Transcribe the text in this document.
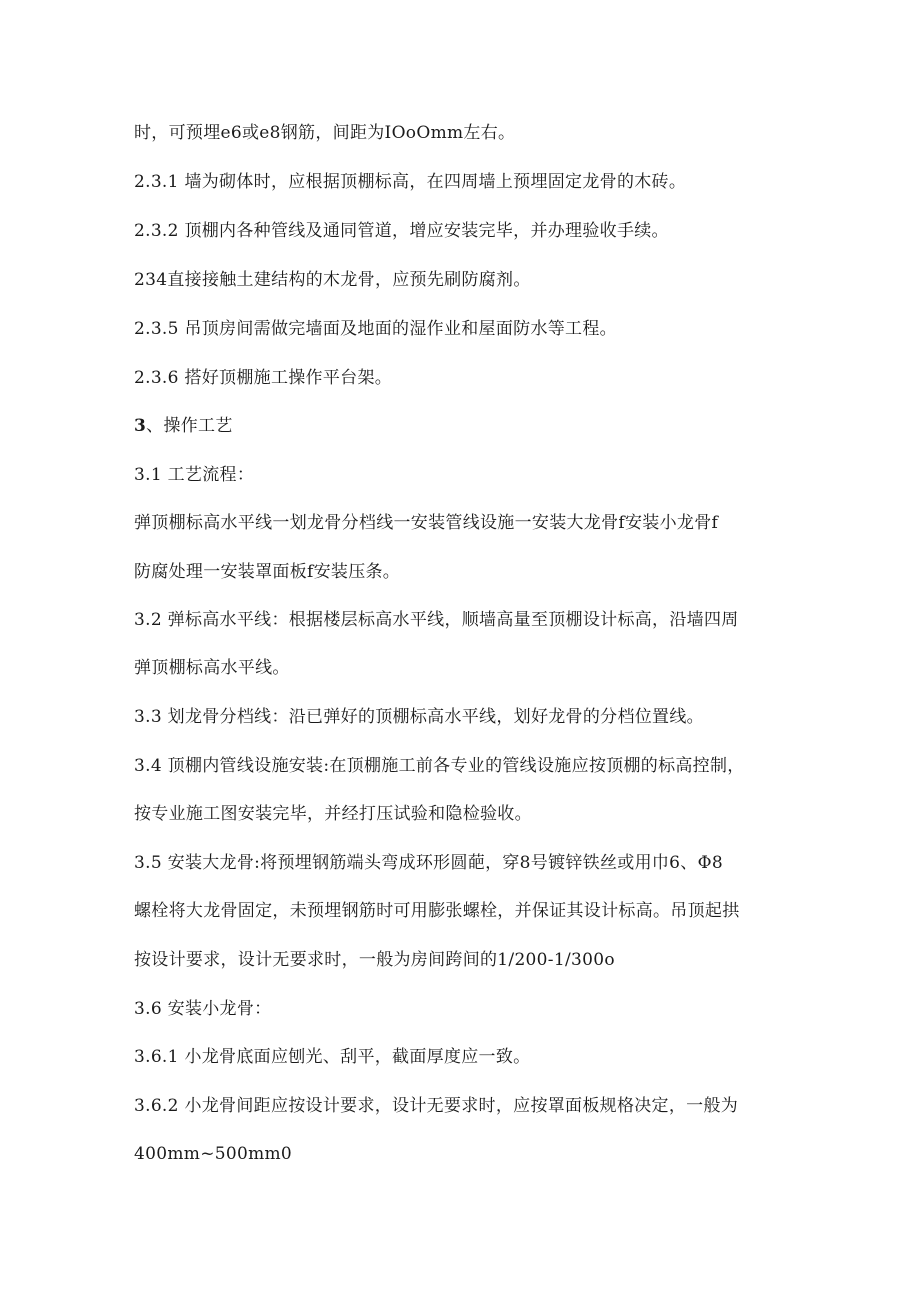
时，可预埋e6或e8钢筋，间距为IOoOmm左右。
2.3.1 墙为砌体时，应根据顶棚标高，在四周墙上预埋固定龙骨的木砖。
2.3.2 顶棚内各种管线及通同管道，增应安装完毕，并办理验收手续。
234直接接触土建结构的木龙骨，应预先刷防腐剂。
2.3.5 吊顶房间需做完墙面及地面的湿作业和屋面防水等工程。
2.3.6 搭好顶棚施工操作平台架。
3、操作工艺
3.1 工艺流程：
弹顶棚标高水平线一划龙骨分档线一安装管线设施一安装大龙骨f安装小龙骨f
防腐处理一安装罩面板f安装压条。
3.2 弹标高水平线：根据楼层标高水平线，顺墙高量至顶棚设计标高，沿墙四周
弹顶棚标高水平线。
3.3 划龙骨分档线：沿已弹好的顶棚标高水平线，划好龙骨的分档位置线。
3.4 顶棚内管线设施安装:在顶棚施工前各专业的管线设施应按顶棚的标高控制，
按专业施工图安装完毕，并经打压试验和隐检验收。
3.5 安装大龙骨:将预埋钢筋端头弯成环形圆葩，穿8号镀锌铁丝或用巾6、Φ8
螺栓将大龙骨固定，未预埋钢筋时可用膨张螺栓，并保证其设计标高。吊顶起拱
按设计要求，设计无要求时，一般为房间跨间的1/200-1/300o
3.6 安装小龙骨：
3.6.1 小龙骨底面应刨光、刮平，截面厚度应一致。
3.6.2 小龙骨间距应按设计要求，设计无要求时，应按罩面板规格决定，一般为
400mm~500mm0
